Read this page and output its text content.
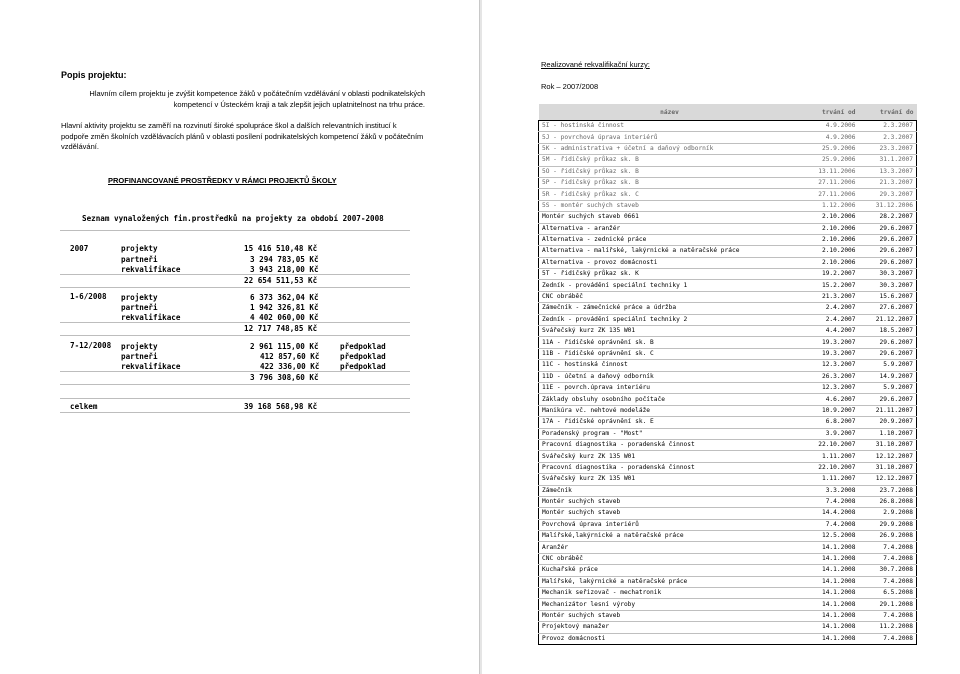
Popis projektu:
Hlavním cílem projektu je zvýšit kompetence žáků v počátečním vzdělávání v oblasti podnikatelských kompetencí v Ústeckém kraji a tak zlepšit jejich uplatnitelnost na trhu práce.
Hlavní aktivity projektu se zaměří na rozvinutí široké spolupráce škol a dalších relevantních institucí k podpoře změn školních vzdělávacích plánů v oblasti posílení podnikatelských kompetencí žáků v počátečním vzdělávání.
PROFINANCOVANÉ PROSTŘEDKY V RÁMCI PROJEKTŮ ŠKOLY
Seznam vynaložených fin.prostředků na projekty za období 2007-2008
2007	projekty	15 416 510,48 Kč
partneři	3 294 783,05 Kč
rekvalifikace	3 943 218,00 Kč
22 654 511,53 Kč
1-6/2008 projekty	6 373 362,04 Kč
partneři	1 942 326,81 Kč
rekvalifikace	4 402 060,00 Kč
12 717 748,85 Kč
7-12/2008 projekty	2 961 115,00 Kč	předpoklad
partneři	412 857,60 Kč	předpoklad
rekvalifikace	422 336,00 Kč	předpoklad
3 796 308,60 Kč
celkem	39 168 568,98 Kč
Realizované rekvalifikační kurzy:
Rok – 2007/2008
název	trvání od	trvání do
5I - hostinská činnost	4.9.2006	2.3.2007
5J - povrchová úprava interiérů	4.9.2006	2.3.2007
5K - administrativa + účetní a daňový odborník	25.9.2006	23.3.2007
5M - řidičský průkaz sk. B	25.9.2006	31.1.2007
5O - řidičský průkaz sk. B	13.11.2006	13.3.2007
5P - řidičský průkaz sk. B	27.11.2006	21.3.2007
5R - řidičský průkaz sk. C	27.11.2006	29.3.2007
5S - montér suchých staveb	1.12.2006	31.12.2006
Montér suchých staveb 0661	2.10.2006	28.2.2007
Alternativa - aranžér	2.10.2006	29.6.2007
Alternativa - zednické práce	2.10.2006	29.6.2007
Alternativa - malířské, lakýrnické a natěračské práce	2.10.2006	29.6.2007
Alternativa - provoz domácnosti	2.10.2006	29.6.2007
5T - řidičský průkaz sk. K	19.2.2007	30.3.2007
Zedník - provádění speciální techniky 1	15.2.2007	30.3.2007
CNC obráběč	21.3.2007	15.6.2007
Zámečník - zámečnické práce a údržba	2.4.2007	27.6.2007
Zedník - provádění speciální techniky 2	2.4.2007	21.12.2007
Svářečský kurz ZK 135 W01	4.4.2007	18.5.2007
11A - řidičské oprávnění sk. B	19.3.2007	29.6.2007
11B - řidičské oprávnění sk. C	19.3.2007	29.6.2007
11C - hostinská činnost	12.3.2007	5.9.2007
11D - účetní a daňový odborník	26.3.2007	14.9.2007
11E - povrch.úprava interiéru	12.3.2007	5.9.2007
Základy obsluhy osobního počítače	4.6.2007	29.6.2007
Manikúra vč. nehtové modeláže	10.9.2007	21.11.2007
17A - řidičské oprávnění sk. E	6.8.2007	20.9.2007
Poradenský program - "Most"	3.9.2007	1.10.2007
Pracovní diagnostika - poradenská činnost	22.10.2007	31.10.2007
Svářečský kurz ZK 135 W01	1.11.2007	12.12.2007
Pracovní diagnostika - poradenská činnost	22.10.2007	31.10.2007
Svářečský kurz ZK 135 W01	1.11.2007	12.12.2007
Zámečník	3.3.2008	23.7.2008
Montér suchých staveb	7.4.2008	26.8.2008
Montér suchých staveb	14.4.2008	2.9.2008
Povrchová úprava interiérů	7.4.2008	29.9.2008
Malířské,lakýrnické a natěračské práce	12.5.2008	26.9.2008
Aranžér	14.1.2008	7.4.2008
CNC obráběč	14.1.2008	7.4.2008
Kuchařské práce	14.1.2008	30.7.2008
Malířské, lakýrnické a natěračské práce	14.1.2008	7.4.2008
Mechanik seřizovač - mechatronik	14.1.2008	6.5.2008
Mechanizátor lesní výroby	14.1.2008	29.1.2008
Montér suchých staveb	14.1.2008	7.4.2008
Projektový manažer	14.1.2008	11.2.2008
Provoz domácnosti	14.1.2008	7.4.2008
